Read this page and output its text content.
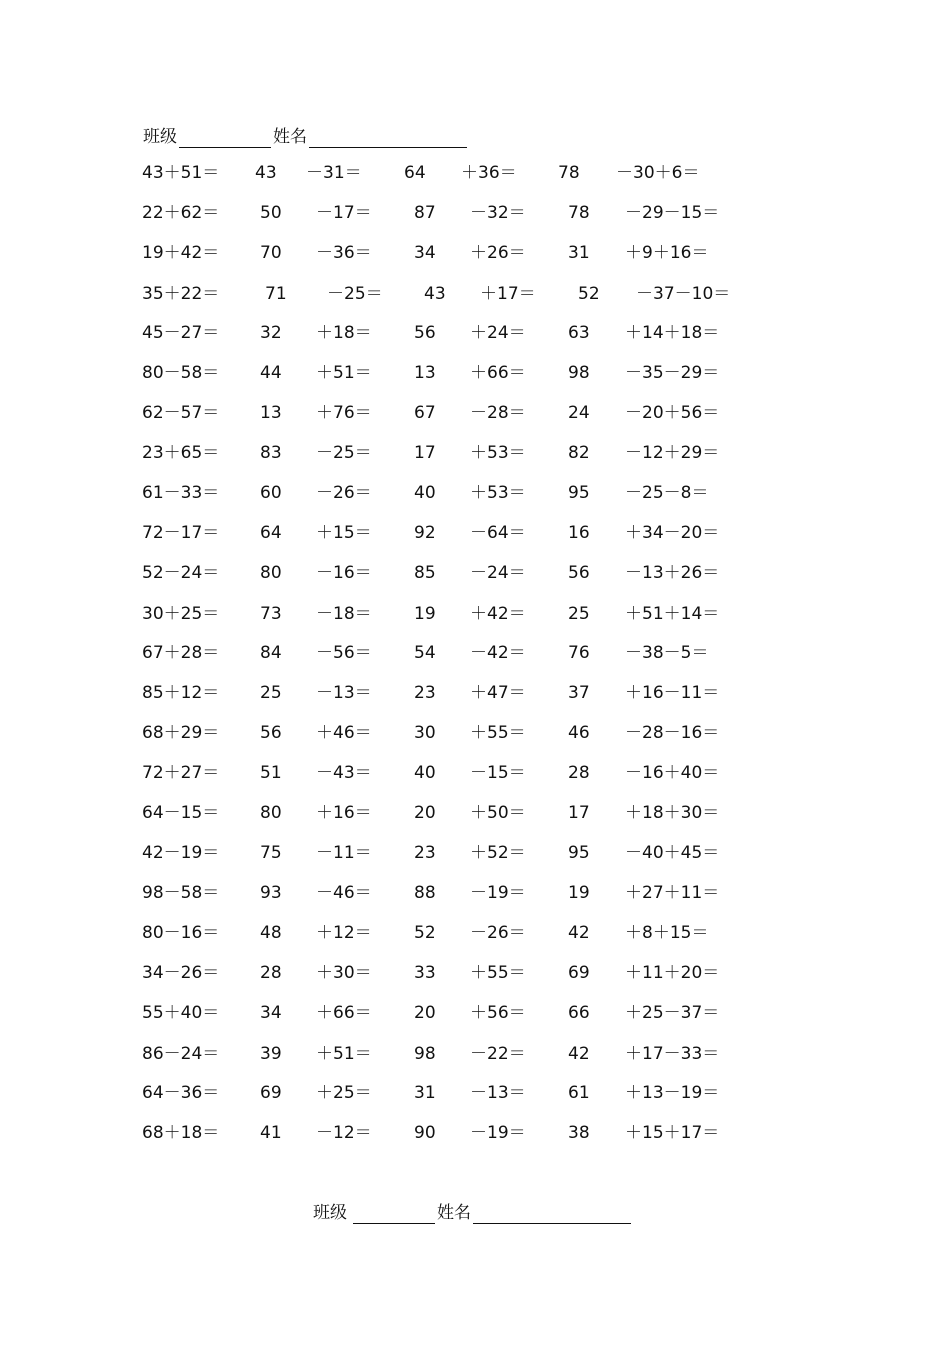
班级	姓名
43＋51＝ 43 －31＝ 64 ＋36＝ 78 －30＋6＝
22＋62＝ 50 －17＝ 87 －32＝ 78 －29－15＝
19＋42＝ 70 －36＝ 34 ＋26＝ 31 ＋9＋16＝
35＋22＝	71 －25＝ 43 ＋17＝ 52 －37－10＝
45－27＝ 32 ＋18＝ 56 ＋24＝ 63 ＋14＋18＝
80－58＝ 44 ＋51＝ 13 ＋66＝ 98 －35－29＝
62－57＝ 13 ＋76＝ 67 －28＝ 24 －20＋56＝
23＋65＝ 83 －25＝ 17 ＋53＝ 82 －12＋29＝
61－33＝ 60 －26＝ 40 ＋53＝ 95 －25－8＝
72－17＝ 64 ＋15＝ 92 －64＝ 16 ＋34－20＝
52－24＝ 80 －16＝ 85 －24＝ 56 －13＋26＝
30＋25＝ 73 －18＝ 19 ＋42＝ 25 ＋51＋14＝
67＋28＝ 84 －56＝ 54 －42＝ 76 －38－5＝
85＋12＝ 25 －13＝ 23 ＋47＝ 37 ＋16－11＝
68＋29＝ 56 ＋46＝ 30 ＋55＝ 46 －28－16＝
72＋27＝ 51 －43＝ 40 －15＝ 28 －16＋40＝
64－15＝ 80 ＋16＝ 20 ＋50＝ 17 ＋18＋30＝
42－19＝ 75 －11＝ 23 ＋52＝ 95 －40＋45＝
98－58＝ 93 －46＝ 88 －19＝ 19 ＋27＋11＝
80－16＝ 48 ＋12＝ 52 －26＝ 42 ＋8＋15＝
34－26＝ 28 ＋30＝ 33 ＋55＝ 69 ＋11＋20＝
55＋40＝ 34 ＋66＝ 20 ＋56＝ 66 ＋25－37＝
86－24＝ 39 ＋51＝ 98 －22＝ 42 ＋17－33＝
64－36＝ 69 ＋25＝ 31 －13＝ 61 ＋13－19＝
68＋18＝ 41 －12＝ 90 －19＝ 38 ＋15＋17＝
班级	姓名
